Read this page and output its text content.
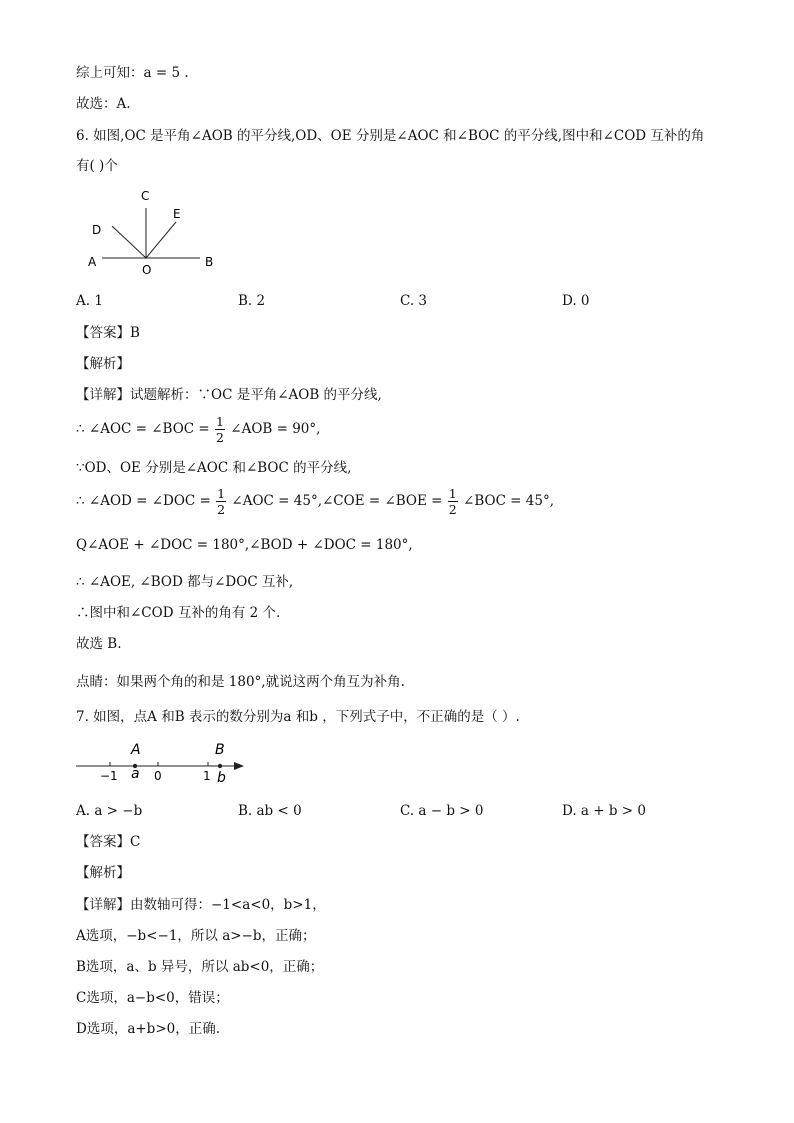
综上可知：a = 5 .
故选：A.
6. 如图,OC 是平角∠AOB 的平分线,OD、OE 分别是∠AOC 和∠BOC 的平分线,图中和∠COD 互补的角
有( )个
C
E
D
A
O
B
A. 1	B. 2	C. 3	D. 0
【答案】B
【解析】
【详解】试题解析：∵OC 是平角∠AOB 的平分线,
∴ ∠AOC = ∠BOC = $\frac{1}{2}$ ∠AOB = 90°,
∵OD、OE 分别是∠AOC 和∠BOC 的平分线,
∴ ∠AOD = ∠DOC = $\frac{1}{2}$ ∠AOC = 45°,∠COE = ∠BOE = $\frac{1}{2}$ ∠BOC = 45°,
Q∠AOE + ∠DOC = 180°,∠BOD + ∠DOC = 180°,
∴ ∠AOE, ∠BOD 都与∠DOC 互补,
∴图中和∠COD 互补的角有 2 个.
故选 B.
点睛：如果两个角的和是 180°,就说这两个角互为补角.
7. 如图，点A 和B 表示的数分别为a 和b ，下列式子中，不正确的是（ ）.
A	B
−1 a 0	1 b
A. a > −b	B. ab < 0	C. a − b > 0	D. a + b > 0
【答案】C
【解析】
【详解】由数轴可得：−1<a<0，b>1，
A选项，−b<−1，所以 a>−b，正确；
B选项，a、b 异号，所以 ab<0，正确；
C选项，a−b<0，错误；
D选项，a+b>0，正确.
